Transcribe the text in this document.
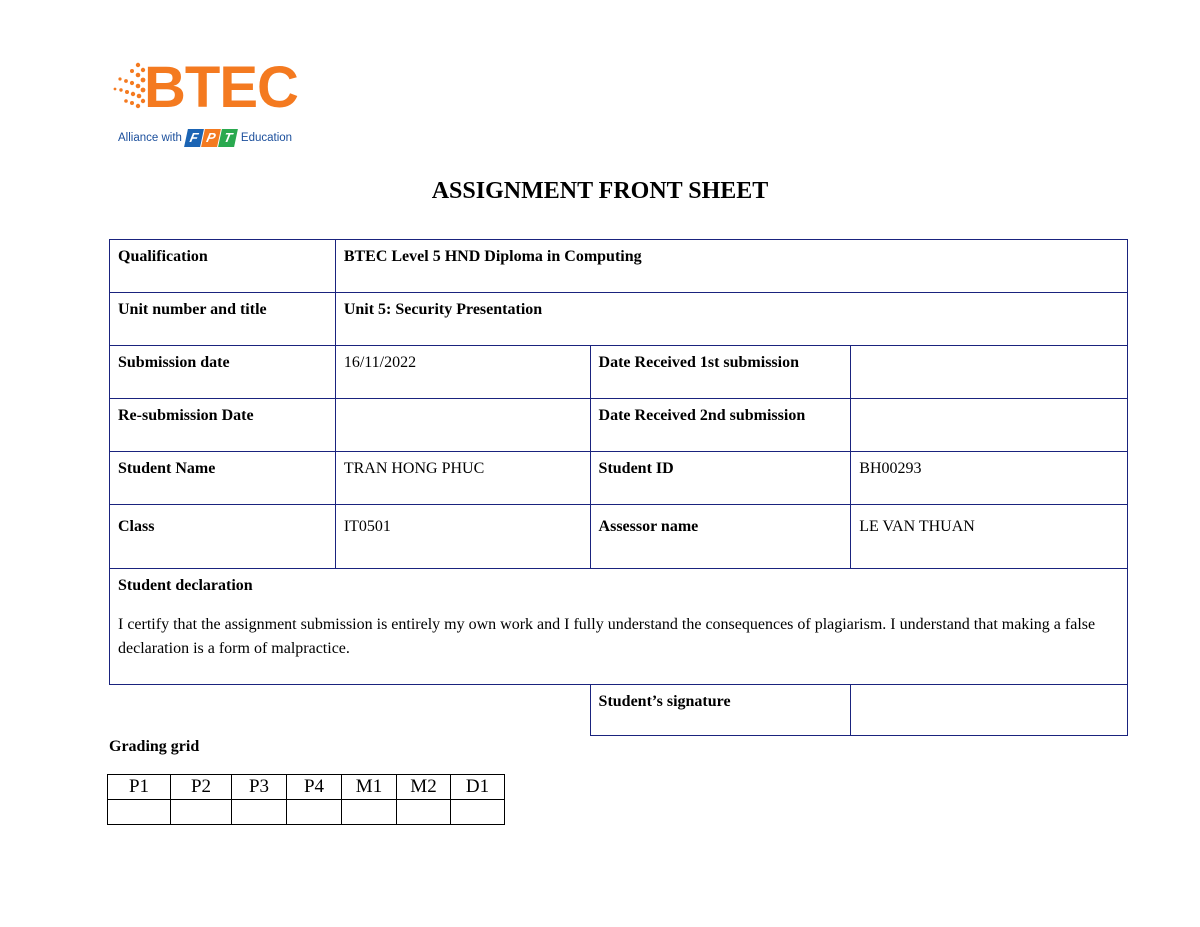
BTEC
Alliance with F P T Education
ASSIGNMENT FRONT SHEET
Qualification	BTEC Level 5 HND Diploma in Computing		
Unit number and title	Unit 5: Security Presentation		
Submission date	16/11/2022	Date Received 1st submission	
Re-submission Date		Date Received 2nd submission	
Student Name	TRAN HONG PHUC	Student ID	BH00293
Class	IT0501	Assessor name	LE VAN THUAN

Student declaration
I certify that the assignment submission is entirely my own work and I fully understand the consequences of plagiarism. I understand that making a false declaration is a form of malpractice.			

		Student’s signature	
Grading grid
P1	P2	P3	P4	M1	M2	D1
